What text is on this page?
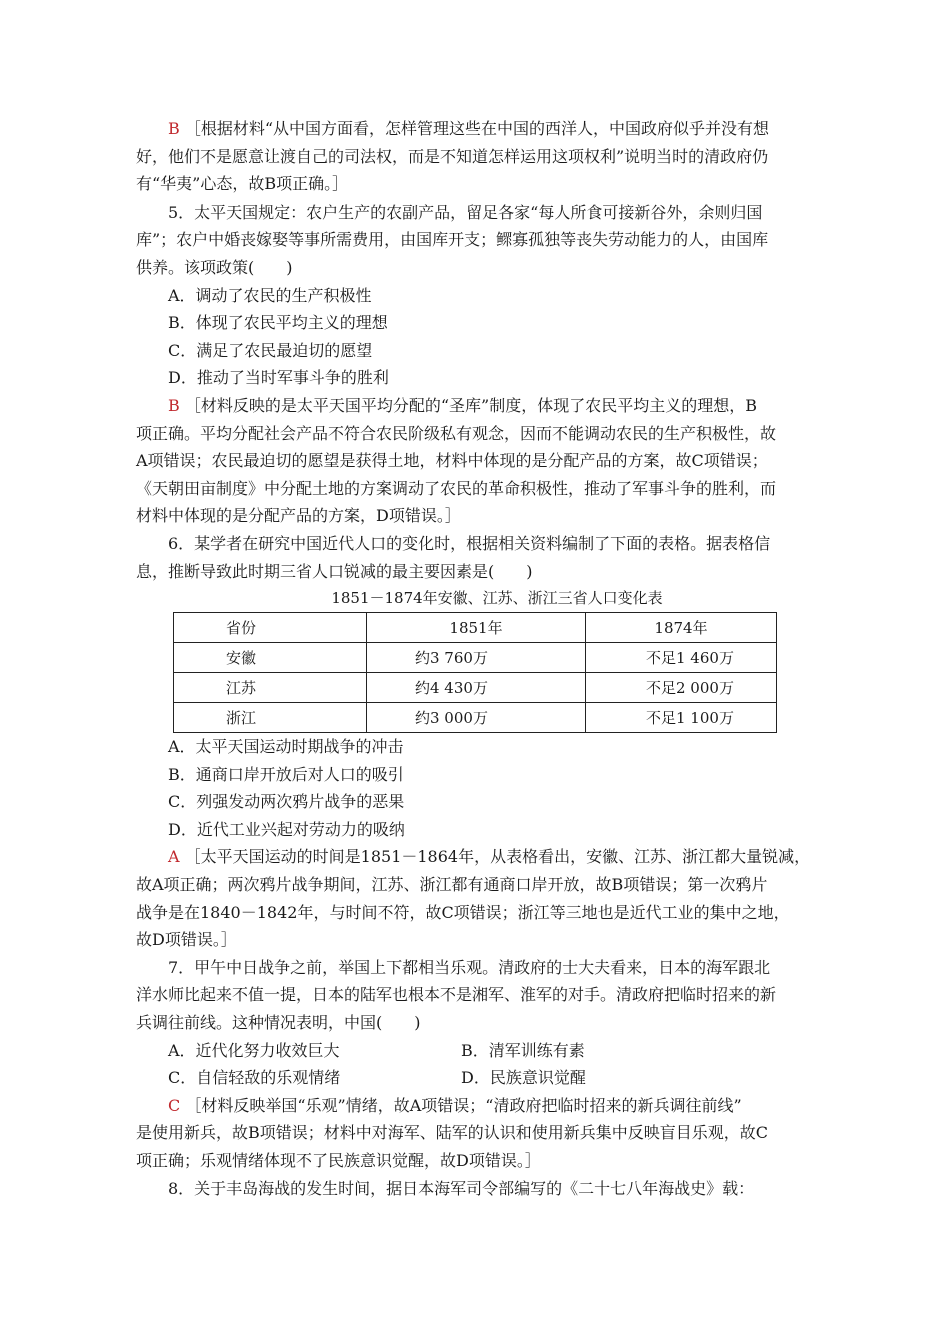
B ［根据材料“从中国方面看，怎样管理这些在中国的西洋人，中国政府似乎并没有想

好，他们不是愿意让渡自己的司法权，而是不知道怎样运用这项权利”说明当时的清政府仍

有“华夷”心态，故B项正确。］

5．太平天国规定：农户生产的农副产品，留足各家“每人所食可接新谷外，余则归国

库”；农户中婚丧嫁娶等事所需费用，由国库开支；鳏寡孤独等丧失劳动能力的人，由国库

供养。该项政策(　　)

A．调动了农民的生产积极性

B．体现了农民平均主义的理想

C．满足了农民最迫切的愿望

D．推动了当时军事斗争的胜利

B ［材料反映的是太平天国平均分配的“圣库”制度，体现了农民平均主义的理想，B

项正确。平均分配社会产品不符合农民阶级私有观念，因而不能调动农民的生产积极性，故

A项错误；农民最迫切的愿望是获得土地，材料中体现的是分配产品的方案，故C项错误；

《天朝田亩制度》中分配土地的方案调动了农民的革命积极性，推动了军事斗争的胜利，而

材料中体现的是分配产品的方案，D项错误。］

6．某学者在研究中国近代人口的变化时，根据相关资料编制了下面的表格。据表格信

息，推断导致此时期三省人口锐减的最主要因素是(　　)

1851－1874年安徽、江苏、浙江三省人口变化表

省份	1851年	1874年
安徽	约3 760万	不足1 460万
江苏	约4 430万	不足2 000万
浙江	约3 000万	不足1 100万

A．太平天国运动时期战争的冲击

B．通商口岸开放后对人口的吸引

C．列强发动两次鸦片战争的恶果

D．近代工业兴起对劳动力的吸纳

A ［太平天国运动的时间是1851－1864年，从表格看出，安徽、江苏、浙江都大量锐减，

故A项正确；两次鸦片战争期间，江苏、浙江都有通商口岸开放，故B项错误；第一次鸦片

战争是在1840－1842年，与时间不符，故C项错误；浙江等三地也是近代工业的集中之地，

故D项错误。］

7．甲午中日战争之前，举国上下都相当乐观。清政府的士大夫看来，日本的海军跟北

洋水师比起来不值一提，日本的陆军也根本不是湘军、淮军的对手。清政府把临时招来的新

兵调往前线。这种情况表明，中国(　　)

A．近代化努力收效巨大	B．清军训练有素
C．自信轻敌的乐观情绪	D．民族意识觉醒

C ［材料反映举国“乐观”情绪，故A项错误；“清政府把临时招来的新兵调往前线”

是使用新兵，故B项错误；材料中对海军、陆军的认识和使用新兵集中反映盲目乐观，故C

项正确；乐观情绪体现不了民族意识觉醒，故D项错误。］

8．关于丰岛海战的发生时间，据日本海军司令部编写的《二十七八年海战史》载：
